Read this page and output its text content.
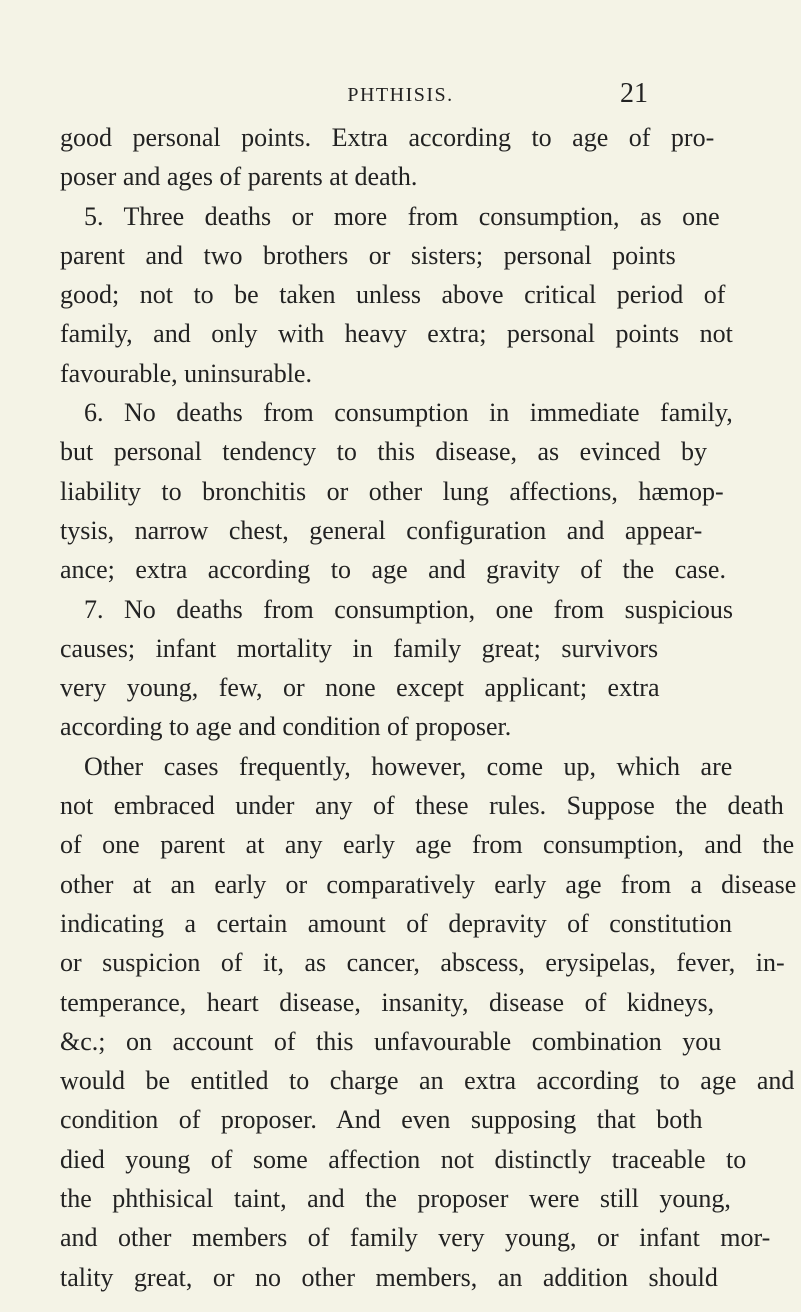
PHTHISIS.	21
good personal points. Extra according to age of pro-
poser and ages of parents at death.
5. Three deaths or more from consumption, as one
parent and two brothers or sisters; personal points
good; not to be taken unless above critical period of
family, and only with heavy extra; personal points not
favourable, uninsurable.
6. No deaths from consumption in immediate family,
but personal tendency to this disease, as evinced by
liability to bronchitis or other lung affections, hæmop-
tysis, narrow chest, general configuration and appear-
ance; extra according to age and gravity of the case.
7. No deaths from consumption, one from suspicious
causes; infant mortality in family great; survivors
very young, few, or none except applicant; extra
according to age and condition of proposer.
Other cases frequently, however, come up, which are
not embraced under any of these rules. Suppose the death
of one parent at any early age from consumption, and the
other at an early or comparatively early age from a disease
indicating a certain amount of depravity of constitution
or suspicion of it, as cancer, abscess, erysipelas, fever, in-
temperance, heart disease, insanity, disease of kidneys,
&c.; on account of this unfavourable combination you
would be entitled to charge an extra according to age and
condition of proposer. And even supposing that both
died young of some affection not distinctly traceable to
the phthisical taint, and the proposer were still young,
and other members of family very young, or infant mor-
tality great, or no other members, an addition should
